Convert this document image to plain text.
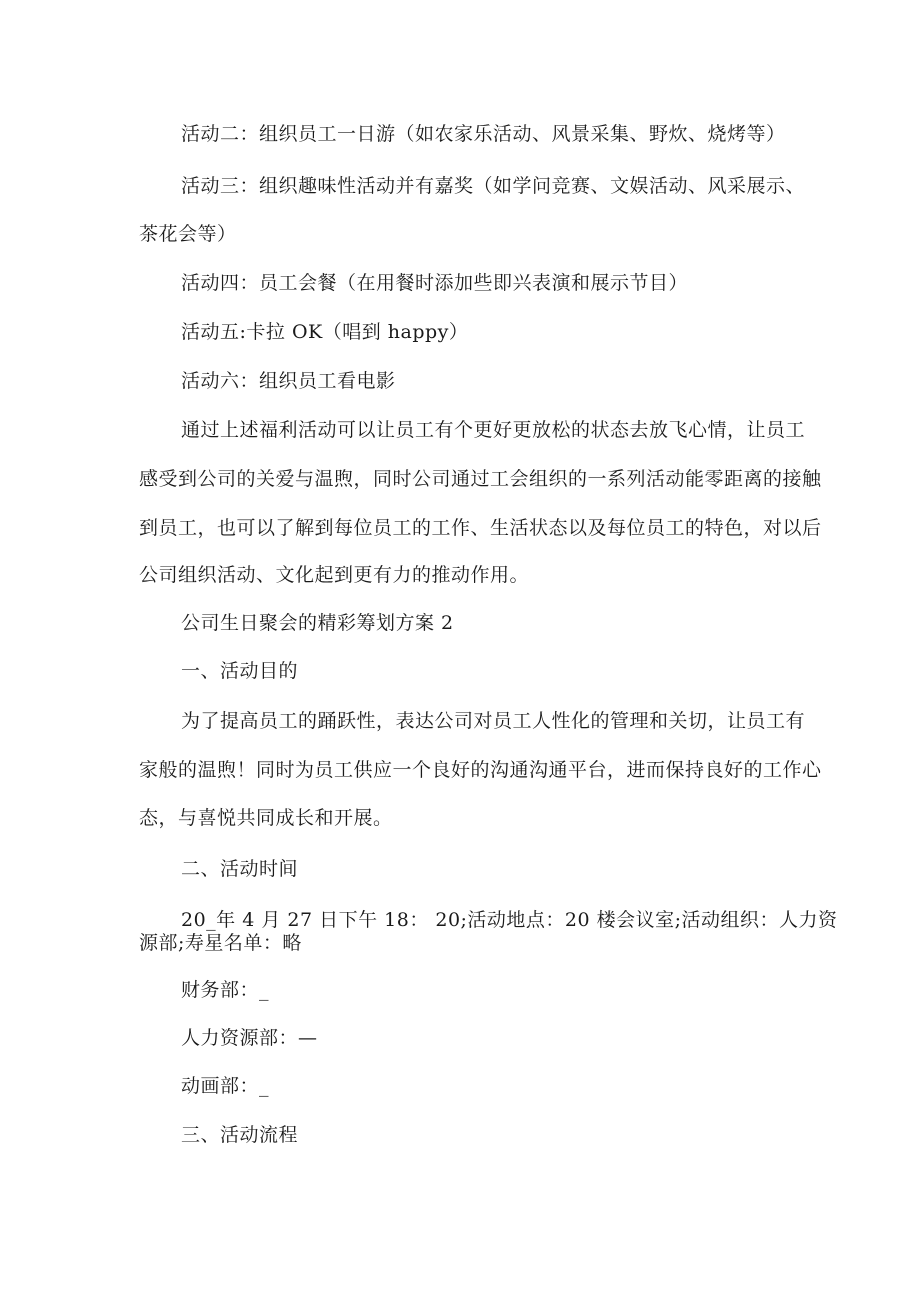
活动二：组织员工一日游（如农家乐活动、风景采集、野炊、烧烤等）
活动三：组织趣味性活动并有嘉奖（如学问竞赛、文娱活动、风采展示、
茶花会等）
活动四：员工会餐（在用餐时添加些即兴表演和展示节目）
活动五:卡拉 OK（唱到 happy）
活动六：组织员工看电影
通过上述福利活动可以让员工有个更好更放松的状态去放飞心情，让员工
感受到公司的关爱与温煦，同时公司通过工会组织的一系列活动能零距离的接触
到员工，也可以了解到每位员工的工作、生活状态以及每位员工的特色，对以后
公司组织活动、文化起到更有力的推动作用。
公司生日聚会的精彩筹划方案 2
一、活动目的
为了提高员工的踊跃性，表达公司对员工人性化的管理和关切，让员工有
家般的温煦！同时为员工供应一个良好的沟通沟通平台，进而保持良好的工作心
态，与喜悦共同成长和开展。
二、活动时间
20_年 4 月 27 日下午 18： 20;活动地点：20 楼会议室;活动组织：人力资
源部;寿星名单：略
财务部：_
人力资源部：—
动画部：_
三、活动流程
